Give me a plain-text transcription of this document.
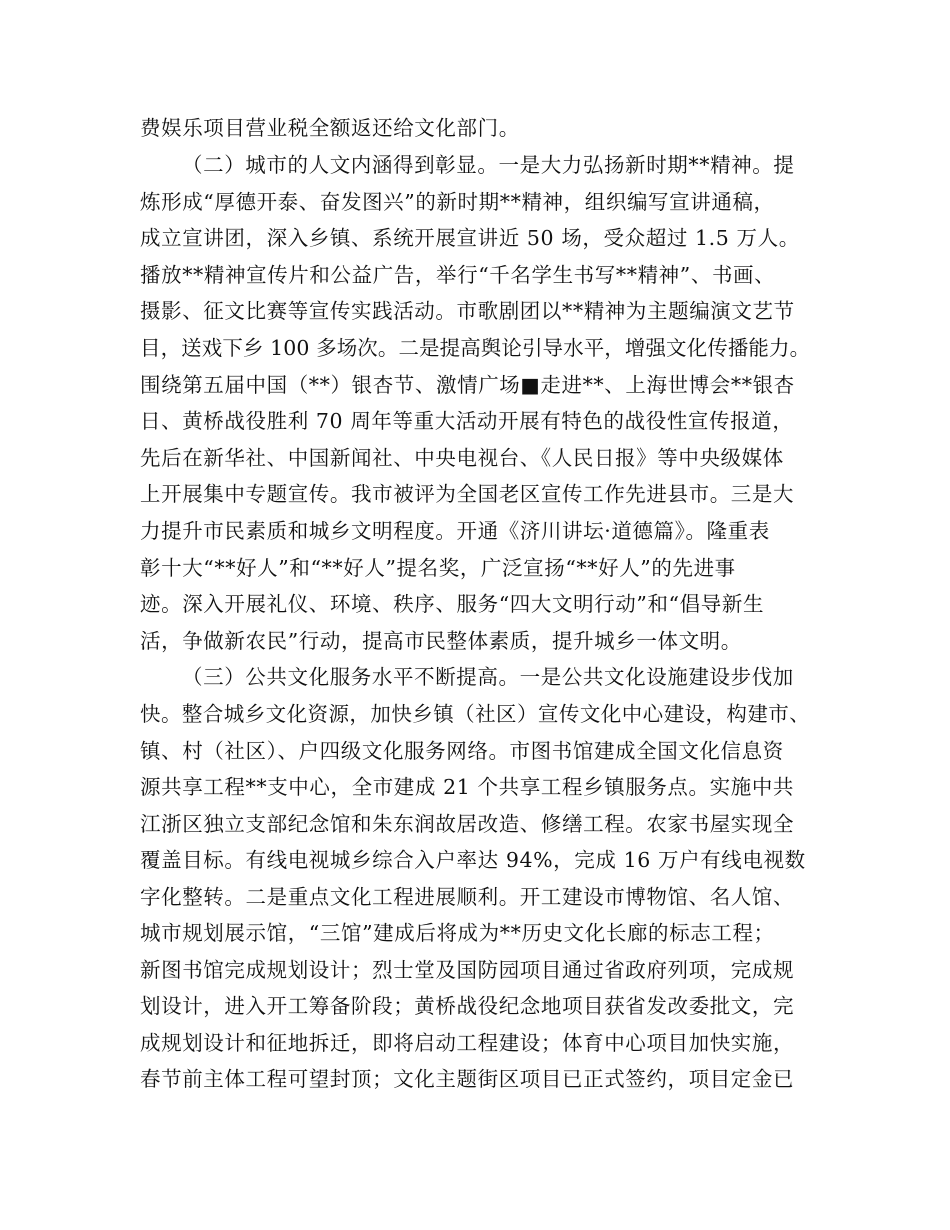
费娱乐项目营业税全额返还给文化部门。
（二）城市的人文内涵得到彰显。一是大力弘扬新时期**精神。提
炼形成“厚德开泰、奋发图兴”的新时期**精神，组织编写宣讲通稿，
成立宣讲团，深入乡镇、系统开展宣讲近 50 场，受众超过 1.5 万人。
播放**精神宣传片和公益广告，举行“千名学生书写**精神”、书画、
摄影、征文比赛等宣传实践活动。市歌剧团以**精神为主题编演文艺节
目，送戏下乡 100 多场次。二是提高舆论引导水平，增强文化传播能力。
围绕第五届中国（**）银杏节、激情广场■走进**、上海世博会**银杏
日、黄桥战役胜利 70 周年等重大活动开展有特色的战役性宣传报道，
先后在新华社、中国新闻社、中央电视台、《人民日报》等中央级媒体
上开展集中专题宣传。我市被评为全国老区宣传工作先进县市。三是大
力提升市民素质和城乡文明程度。开通《济川讲坛·道德篇》。隆重表
彰十大“**好人”和“**好人”提名奖，广泛宣扬“**好人”的先进事
迹。深入开展礼仪、环境、秩序、服务“四大文明行动”和“倡导新生
活，争做新农民”行动，提高市民整体素质，提升城乡一体文明。
（三）公共文化服务水平不断提高。一是公共文化设施建设步伐加
快。整合城乡文化资源，加快乡镇（社区）宣传文化中心建设，构建市、
镇、村（社区）、户四级文化服务网络。市图书馆建成全国文化信息资
源共享工程**支中心，全市建成 21 个共享工程乡镇服务点。实施中共
江浙区独立支部纪念馆和朱东润故居改造、修缮工程。农家书屋实现全
覆盖目标。有线电视城乡综合入户率达 94%，完成 16 万户有线电视数
字化整转。二是重点文化工程进展顺利。开工建设市博物馆、名人馆、
城市规划展示馆，“三馆”建成后将成为**历史文化长廊的标志工程；
新图书馆完成规划设计；烈士堂及国防园项目通过省政府列项，完成规
划设计，进入开工筹备阶段；黄桥战役纪念地项目获省发改委批文，完
成规划设计和征地拆迁，即将启动工程建设；体育中心项目加快实施，
春节前主体工程可望封顶；文化主题街区项目已正式签约，项目定金已
